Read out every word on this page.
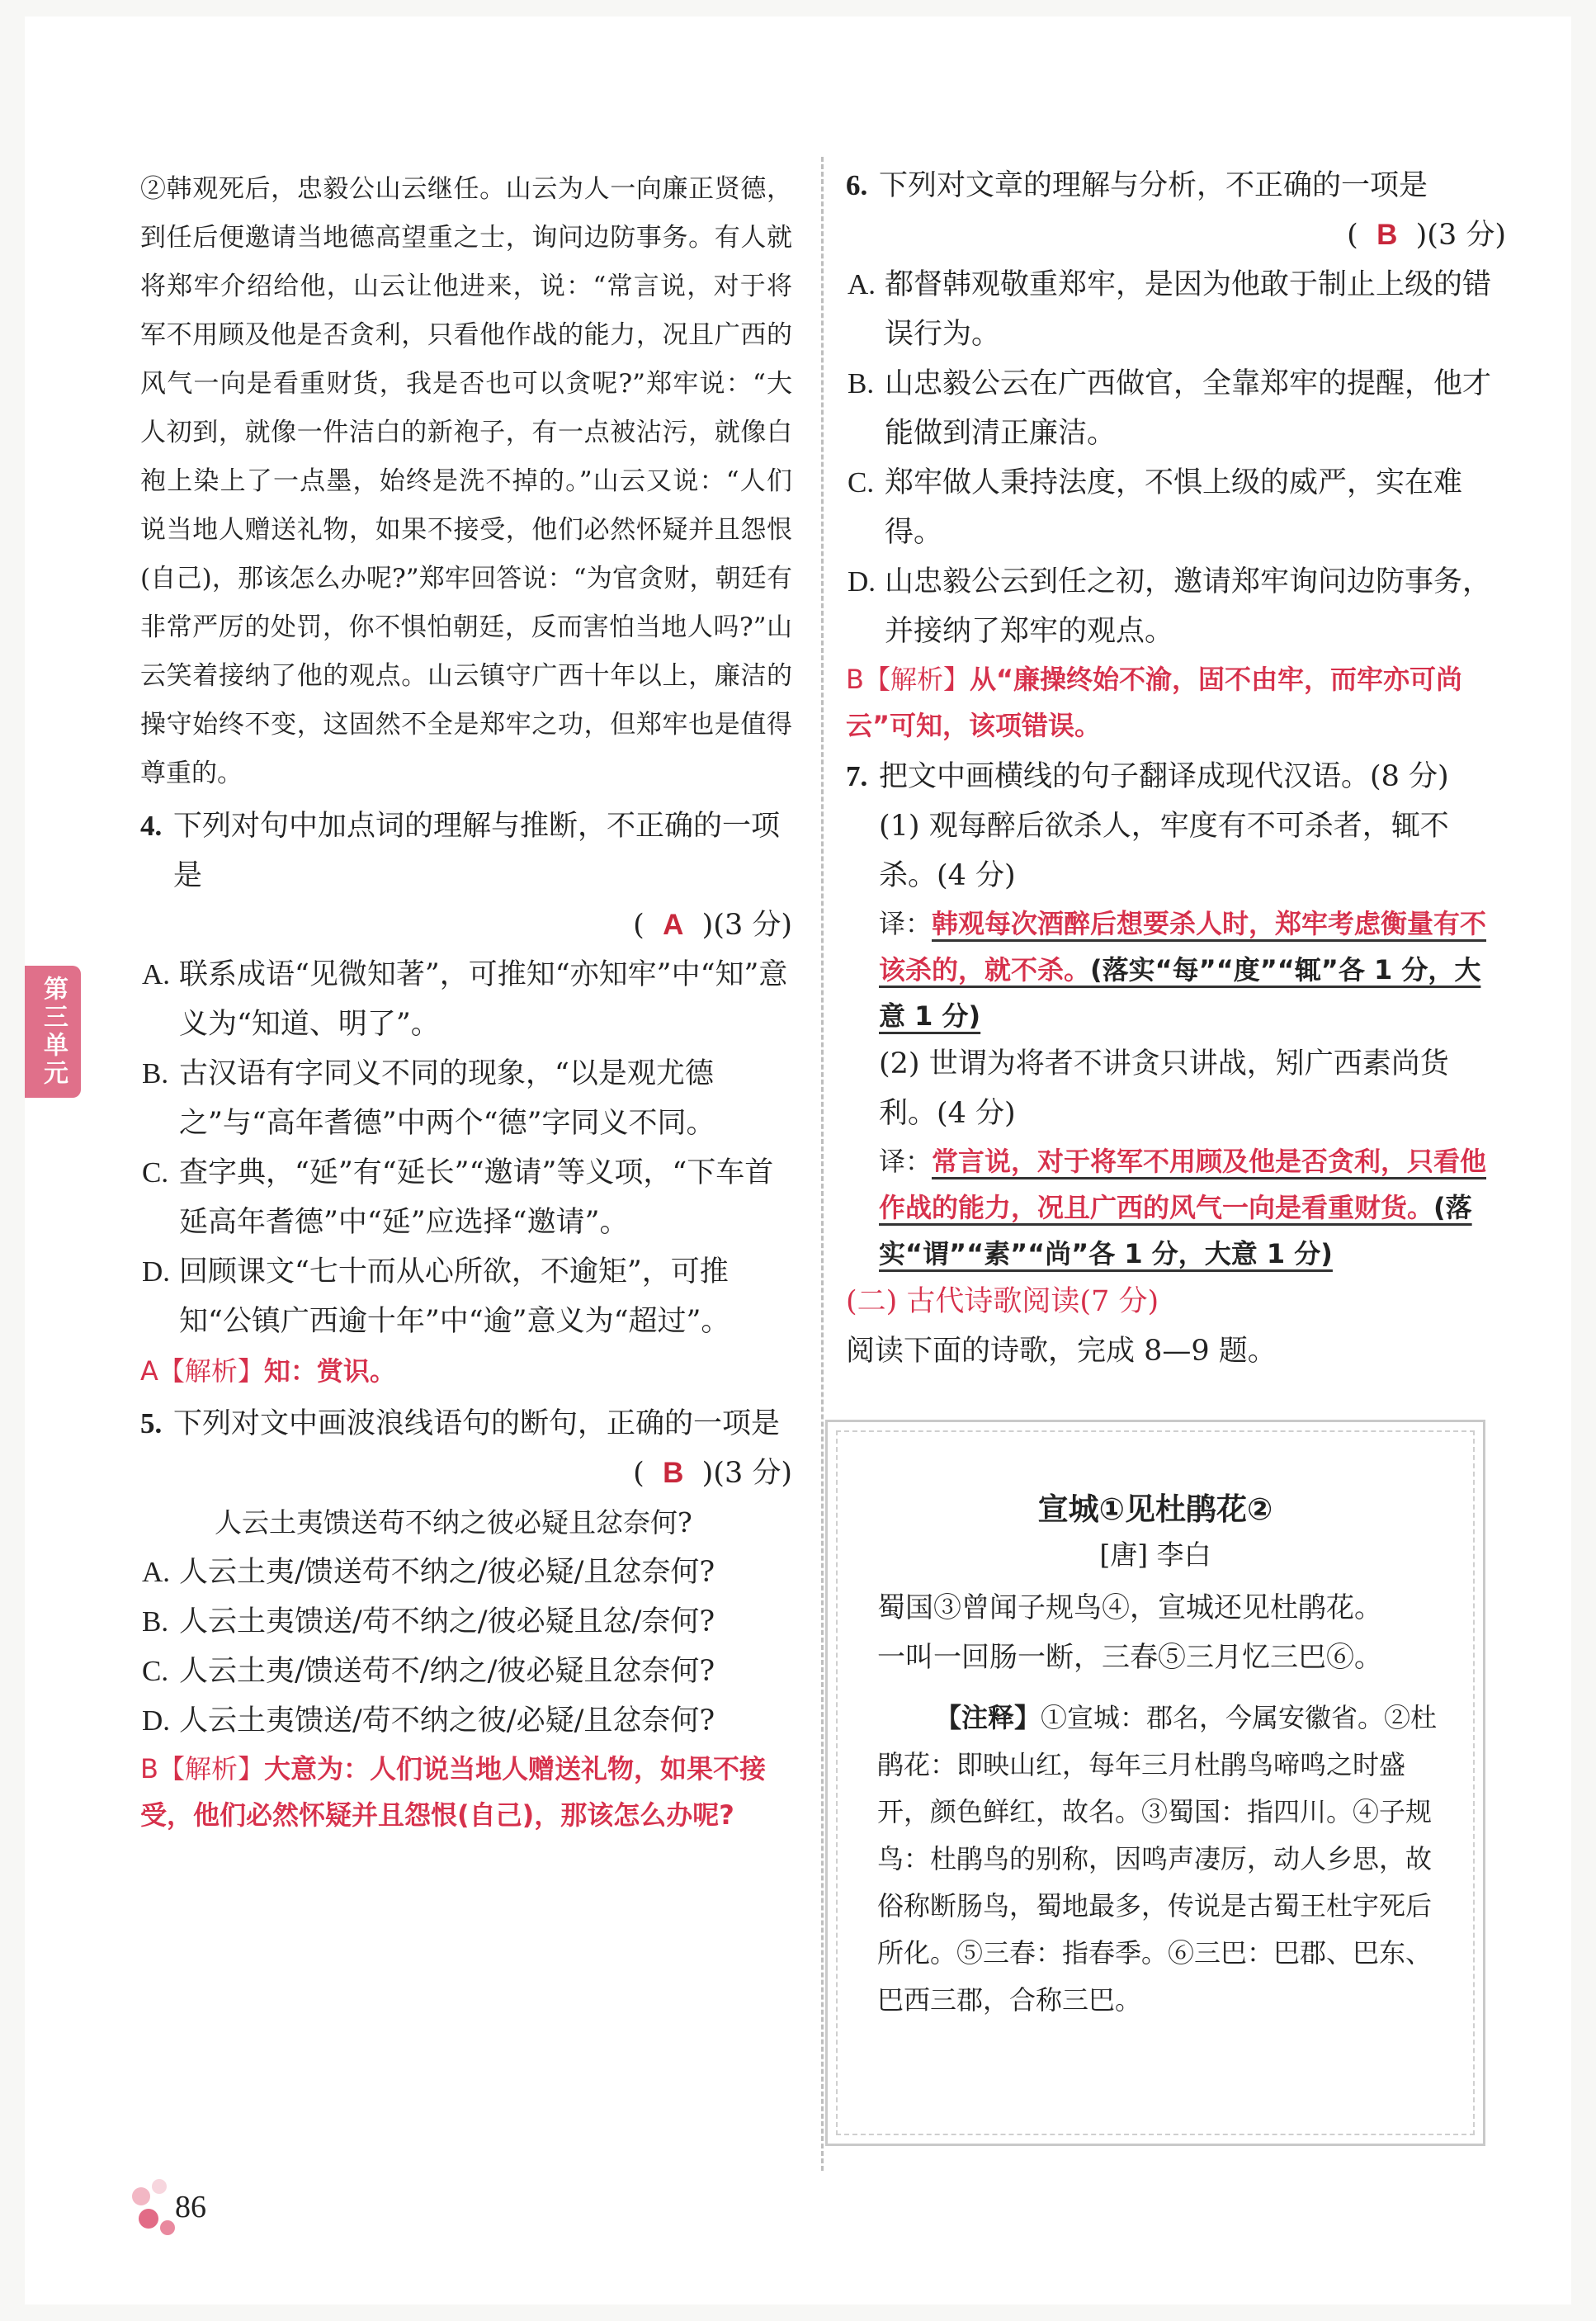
第三单元

②韩观死后，忠毅公山云继任。山云为人一向廉正贤德，到任后便邀请当地德高望重之士，询问边防事务。有人就将郑牢介绍给他，山云让他进来，说：“常言说，对于将军不用顾及他是否贪利，只看他作战的能力，况且广西的风气一向是看重财货，我是否也可以贪呢?”郑牢说：“大人初到，就像一件洁白的新袍子，有一点被沾污，就像白袍上染上了一点墨，始终是洗不掉的。”山云又说：“人们说当地人赠送礼物，如果不接受，他们必然怀疑并且怨恨(自己)，那该怎么办呢?”郑牢回答说：“为官贪财，朝廷有非常严厉的处罚，你不惧怕朝廷，反而害怕当地人吗?”山云笑着接纳了他的观点。山云镇守广西十年以上，廉洁的操守始终不变，这固然不全是郑牢之功，但郑牢也是值得尊重的。

4. 下列对句中加点词的理解与推断，不正确的一项是
(
A
)(3 分)
A. 联系成语“见微知著”，可推知“亦知牢”中“知”意义为“知道、明了”。
B. 古汉语有字同义不同的现象，“以是观尤德之”与“高年耆德”中两个“德”字同义不同。
C. 查字典，“延”有“延长”“邀请”等义项，“下车首延高年耆德”中“延”应选择“邀请”。
D. 回顾课文“七十而从心所欲，不逾矩”，可推知“公镇广西逾十年”中“逾”意义为“超过”。
A【解析】知：赏识。
5. 下列对文中画波浪线语句的断句，正确的一项是
(
B
)(3 分)
人云土夷馈送苟不纳之彼必疑且忿奈何?
A. 人云土夷/馈送苟不纳之/彼必疑/且忿奈何?
B. 人云土夷馈送/苟不纳之/彼必疑且忿/奈何?
C. 人云土夷/馈送苟不/纳之/彼必疑且忿奈何?
D. 人云土夷馈送/苟不纳之彼/必疑/且忿奈何?
B【解析】大意为：人们说当地人赠送礼物，如果不接受，他们必然怀疑并且怨恨(自己)，那该怎么办呢?
6. 下列对文章的理解与分析，不正确的一项是
(
B
)(3 分)
A. 都督韩观敬重郑牢，是因为他敢于制止上级的错误行为。
B. 山忠毅公云在广西做官，全靠郑牢的提醒，他才能做到清正廉洁。
C. 郑牢做人秉持法度，不惧上级的威严，实在难得。
D. 山忠毅公云到任之初，邀请郑牢询问边防事务，并接纳了郑牢的观点。
B【解析】从“廉操终始不渝，固不由牢，而牢亦可尚云”可知，该项错误。
7. 把文中画横线的句子翻译成现代汉语。(8 分)
(1) 观每醉后欲杀人，牢度有不可杀者，辄不杀。(4 分)
译：韩观每次酒醉后想要杀人时，郑牢考虑衡量有不该杀的，就不杀。(落实“每”“度”“辄”各 1 分，大意 1 分)
(2) 世谓为将者不讲贪只讲战，矧广西素尚货利。(4 分)
译：常言说，对于将军不用顾及他是否贪利，只看他作战的能力，况且广西的风气一向是看重财货。(落实“谓”“素”“尚”各 1 分，大意 1 分)
(二) 古代诗歌阅读(7 分)
阅读下面的诗歌，完成 8—9 题。
宣城①见杜鹃花②
[唐] 李白
蜀国③曾闻子规鸟④，宣城还见杜鹃花。
一叫一回肠一断，三春⑤三月忆三巴⑥。
【注释】①宣城：郡名，今属安徽省。②杜鹃花：即映山红，每年三月杜鹃鸟啼鸣之时盛开，颜色鲜红，故名。③蜀国：指四川。④子规鸟：杜鹃鸟的别称，因鸣声凄厉，动人乡思，故俗称断肠鸟，蜀地最多，传说是古蜀王杜宇死后所化。⑤三春：指春季。⑥三巴：巴郡、巴东、巴西三郡，合称三巴。
86
